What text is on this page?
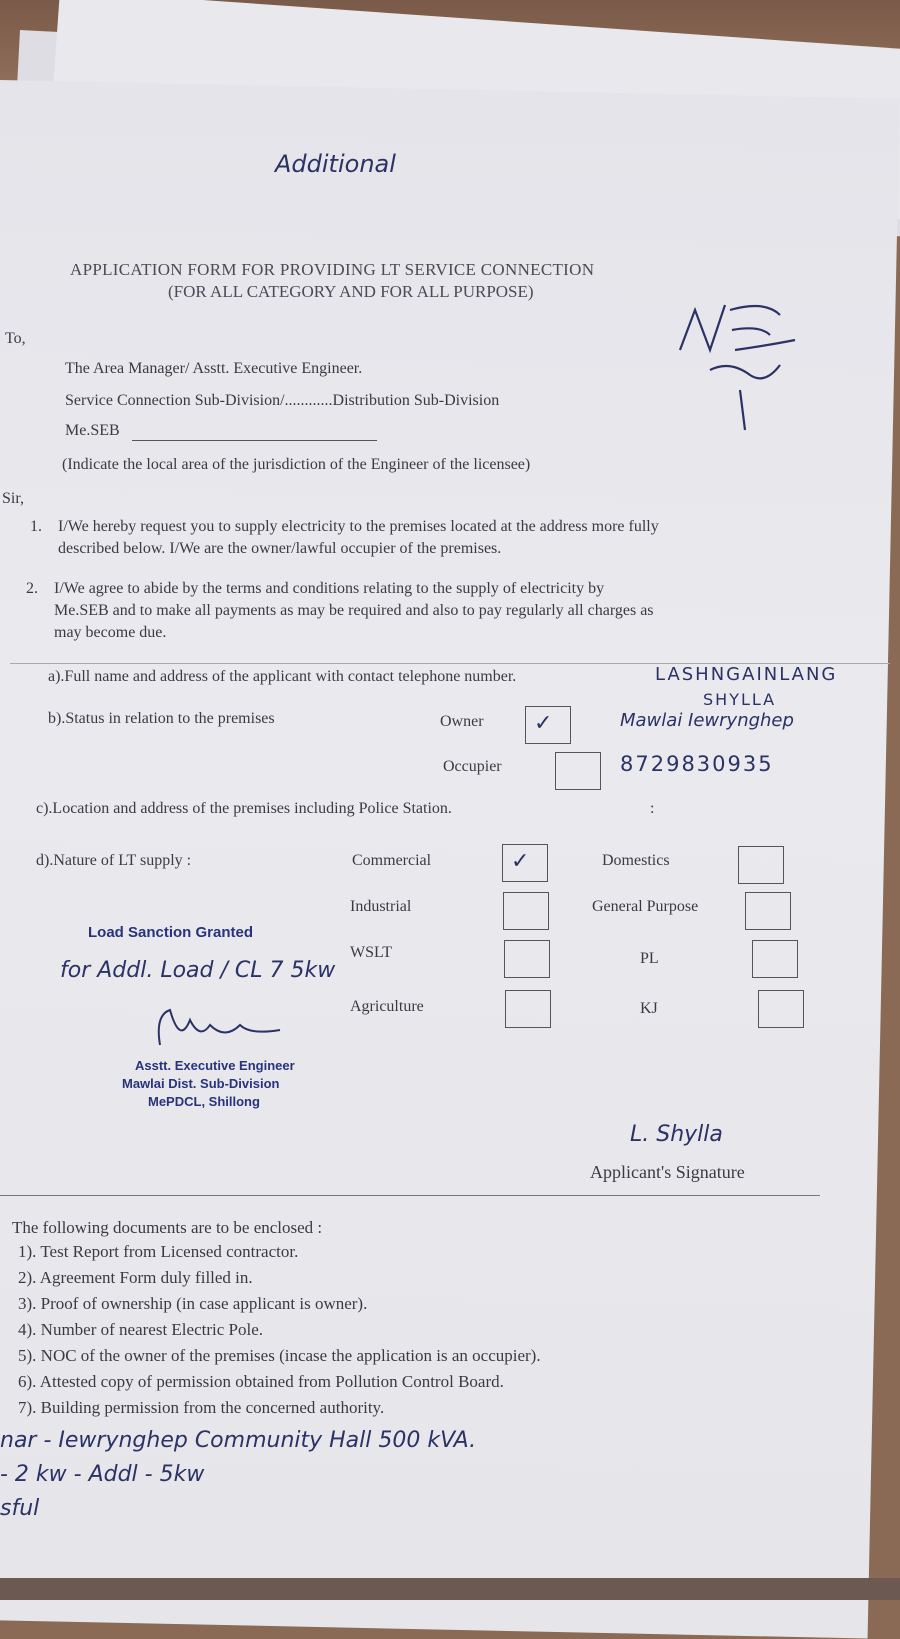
Additional
APPLICATION FORM FOR PROVIDING LT SERVICE CONNECTION
(FOR ALL CATEGORY AND FOR ALL PURPOSE)
To,
The Area Manager/ Asstt. Executive Engineer.
Service Connection Sub-Division/............Distribution Sub-Division
Me.SEB
(Indicate the local area of the jurisdiction of the Engineer of the licensee)
Sir,
1. I/We hereby request you to supply electricity to the premises located at the address more fully
described below. I/We are the owner/lawful occupier of the premises.
2. I/We agree to abide by the terms and conditions relating to the supply of electricity by
Me.SEB and to make all payments as may be required and also to pay regularly all charges as
may become due.
a).Full name and address of the applicant with contact telephone number.	LASHNGAINLANG
SHYLLA
Mawlai Iewrynghep
b).Status in relation to the premises	Owner ✓
Occupier	8729830935
c).Location and address of the premises including Police Station.	:
d).Nature of LT supply :	Commercial	✓	Domestics
Industrial	General Purpose
WSLT	PL
Agriculture	KJ
Load Sanction Granted
for Addl. Load / CL 7 5kw
Asstt. Executive Engineer
Mawlai Dist. Sub-Division
MePDCL, Shillong
L. Shylla
Applicant's Signature
The following documents are to be enclosed :
1). Test Report from Licensed contractor.
2). Agreement Form duly filled in.
3). Proof of ownership (in case applicant is owner).
4). Number of nearest Electric Pole.
5). NOC of the owner of the premises (incase the application is an occupier).
6). Attested copy of permission obtained from Pollution Control Board.
7). Building permission from the concerned authority.
nar - Iewrynghep Community Hall 500 kVA.
- 2 kw - Addl - 5kw
sful
